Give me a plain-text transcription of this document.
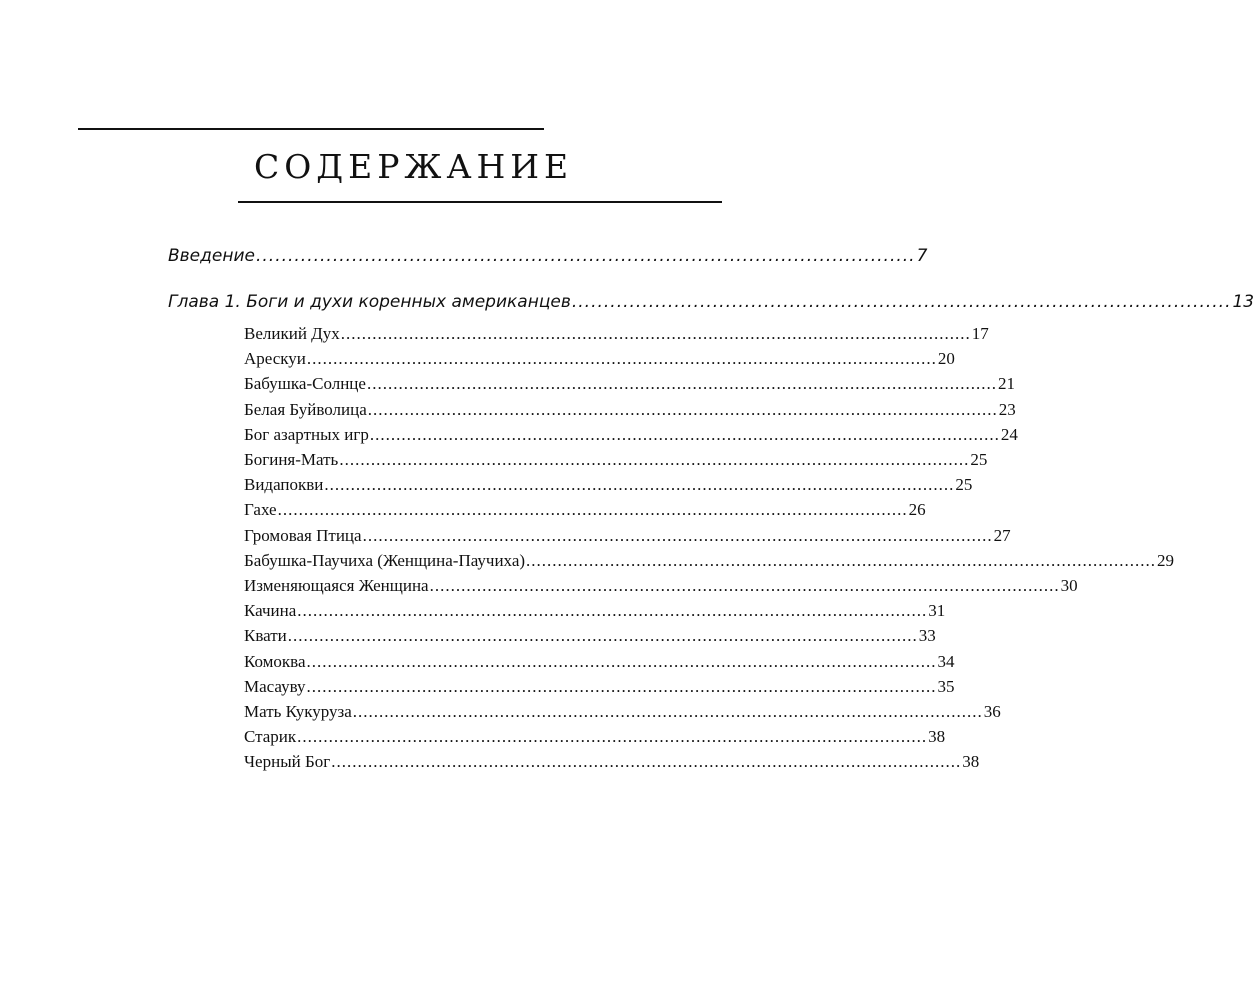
СОДЕРЖАНИЕ
Введение ....................................................................................................... 7
Глава 1. Боги и духи коренных американцев ....................................................................................................... 13
Великий Дух ........................................................................................................................ 17
Арескуи ........................................................................................................................ 20
Бабушка-Солнце ........................................................................................................................ 21
Белая Буйволица ........................................................................................................................ 23
Бог азартных игр ........................................................................................................................ 24
Богиня-Мать ........................................................................................................................ 25
Видапокви ........................................................................................................................ 25
Гахе ........................................................................................................................ 26
Громовая Птица ........................................................................................................................ 27
Бабушка-Паучиха (Женщина-Паучиха) ........................................................................................................................ 29
Изменяющаяся Женщина ........................................................................................................................ 30
Качина ........................................................................................................................ 31
Квати ........................................................................................................................ 33
Комоква ........................................................................................................................ 34
Масауву ........................................................................................................................ 35
Мать Кукуруза ........................................................................................................................ 36
Старик ........................................................................................................................ 38
Черный Бог ........................................................................................................................ 38
